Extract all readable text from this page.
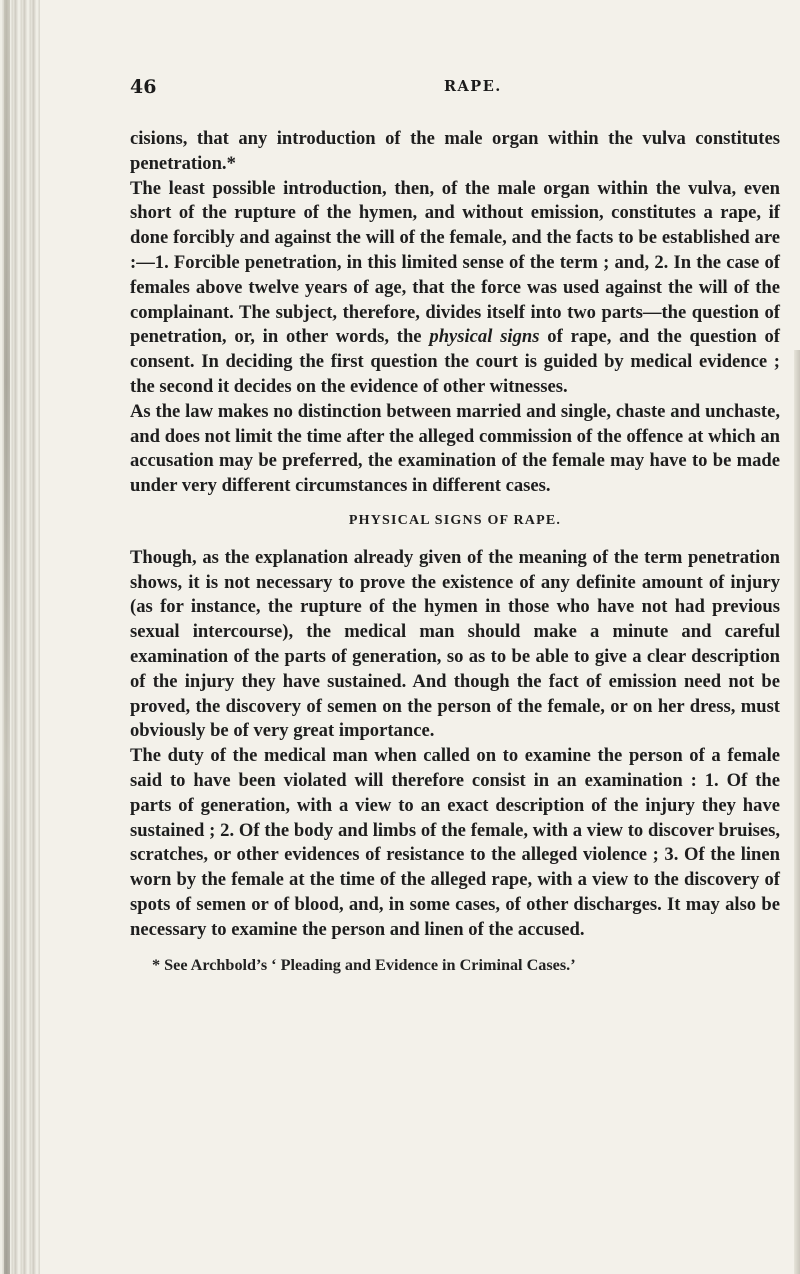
46	RAPE.

cisions, that any introduction of the male organ within the vulva constitutes penetration.*

The least possible introduction, then, of the male organ within the vulva, even short of the rupture of the hymen, and without emission, constitutes a rape, if done forcibly and against the will of the female, and the facts to be established are :—1. Forcible penetration, in this limited sense of the term ; and, 2. In the case of females above twelve years of age, that the force was used against the will of the complainant. The subject, therefore, divides itself into two parts—the question of penetration, or, in other words, the physical signs of rape, and the question of consent. In deciding the first question the court is guided by medical evidence ; the second it decides on the evidence of other witnesses.

As the law makes no distinction between married and single, chaste and unchaste, and does not limit the time after the alleged commission of the offence at which an accusation may be preferred, the examination of the female may have to be made under very different circumstances in different cases.

PHYSICAL SIGNS OF RAPE.

Though, as the explanation already given of the meaning of the term penetration shows, it is not necessary to prove the existence of any definite amount of injury (as for instance, the rupture of the hymen in those who have not had previous sexual intercourse), the medical man should make a minute and careful examination of the parts of generation, so as to be able to give a clear description of the injury they have sustained. And though the fact of emission need not be proved, the discovery of semen on the person of the female, or on her dress, must obviously be of very great importance.

The duty of the medical man when called on to examine the person of a female said to have been violated will therefore consist in an examination : 1. Of the parts of generation, with a view to an exact description of the injury they have sustained ; 2. Of the body and limbs of the female, with a view to discover bruises, scratches, or other evidences of resistance to the alleged violence ; 3. Of the linen worn by the female at the time of the alleged rape, with a view to the discovery of spots of semen or of blood, and, in some cases, of other discharges. It may also be necessary to examine the person and linen of the accused.

* See Archbold’s ‘ Pleading and Evidence in Criminal Cases.’
